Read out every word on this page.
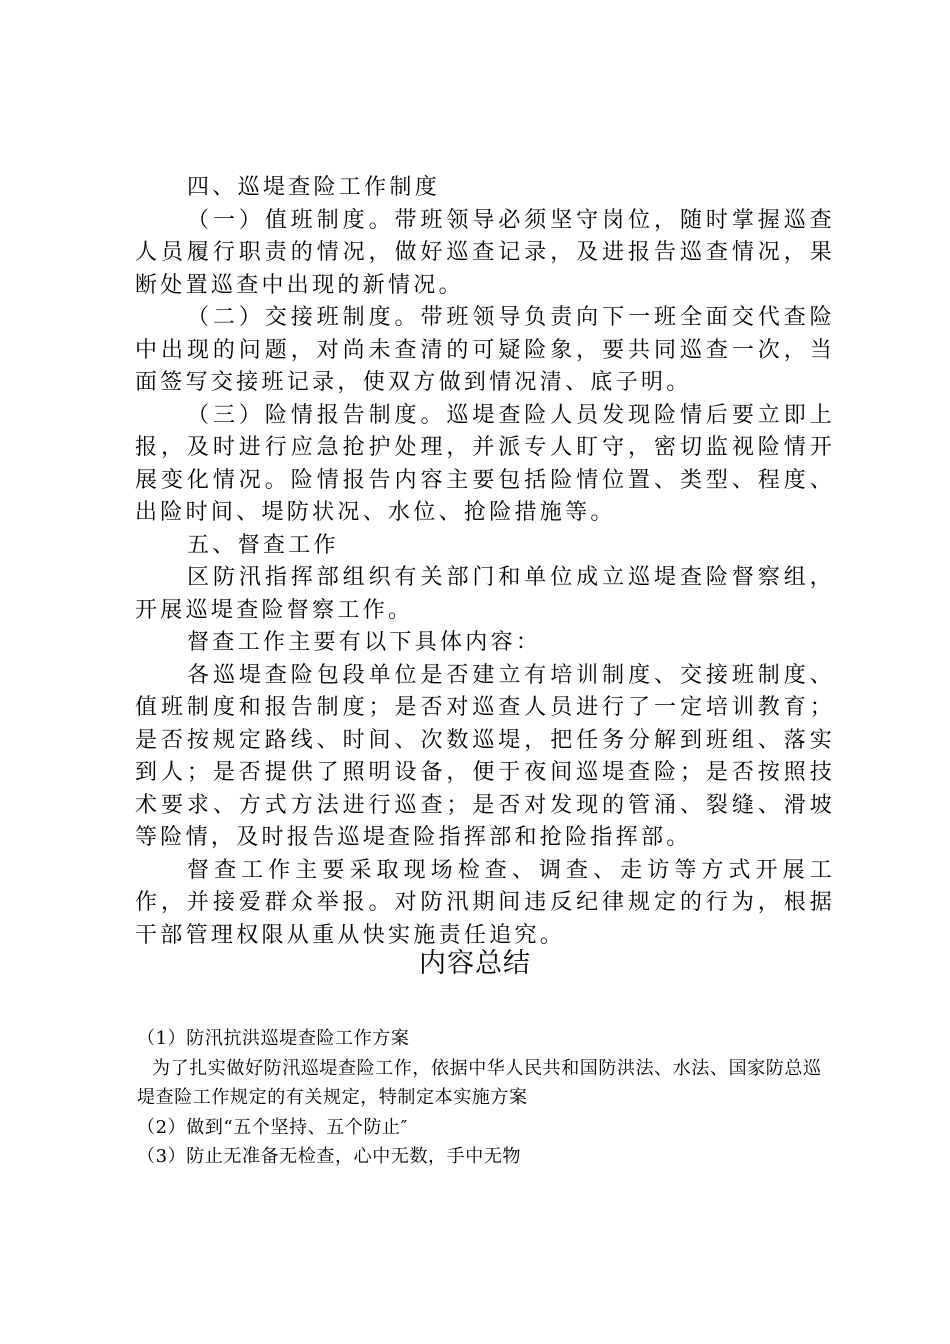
四、巡堤查险工作制度

（一）值班制度。带班领导必须坚守岗位，随时掌握巡查人员履行职责的情况，做好巡查记录，及进报告巡查情况，果断处置巡查中出现的新情况。

（二）交接班制度。带班领导负责向下一班全面交代查险中出现的问题，对尚未查清的可疑险象，要共同巡查一次，当面签写交接班记录，使双方做到情况清、底子明。

（三）险情报告制度。巡堤查险人员发现险情后要立即上报，及时进行应急抢护处理，并派专人盯守，密切监视险情开展变化情况。险情报告内容主要包括险情位置、类型、程度、出险时间、堤防状况、水位、抢险措施等。

五、督查工作

区防汛指挥部组织有关部门和单位成立巡堤查险督察组，开展巡堤查险督察工作。

督查工作主要有以下具体内容：

各巡堤查险包段单位是否建立有培训制度、交接班制度、值班制度和报告制度；是否对巡查人员进行了一定培训教育；是否按规定路线、时间、次数巡堤，把任务分解到班组、落实到人；是否提供了照明设备，便于夜间巡堤查险；是否按照技术要求、方式方法进行巡查；是否对发现的管涌、裂缝、滑坡等险情，及时报告巡堤查险指挥部和抢险指挥部。

督查工作主要采取现场检查、调查、走访等方式开展工作，并接爱群众举报。对防汛期间违反纪律规定的行为，根据干部管理权限从重从快实施责任追究。

内容总结

（1）防汛抗洪巡堤查险工作方案

为了扎实做好防汛巡堤查险工作，依据中华人民共和国防洪法、水法、国家防总巡堤查险工作规定的有关规定，特制定本实施方案

（2）做到“五个坚持、五个防止″

（3）防止无准备无检查，心中无数，手中无物
